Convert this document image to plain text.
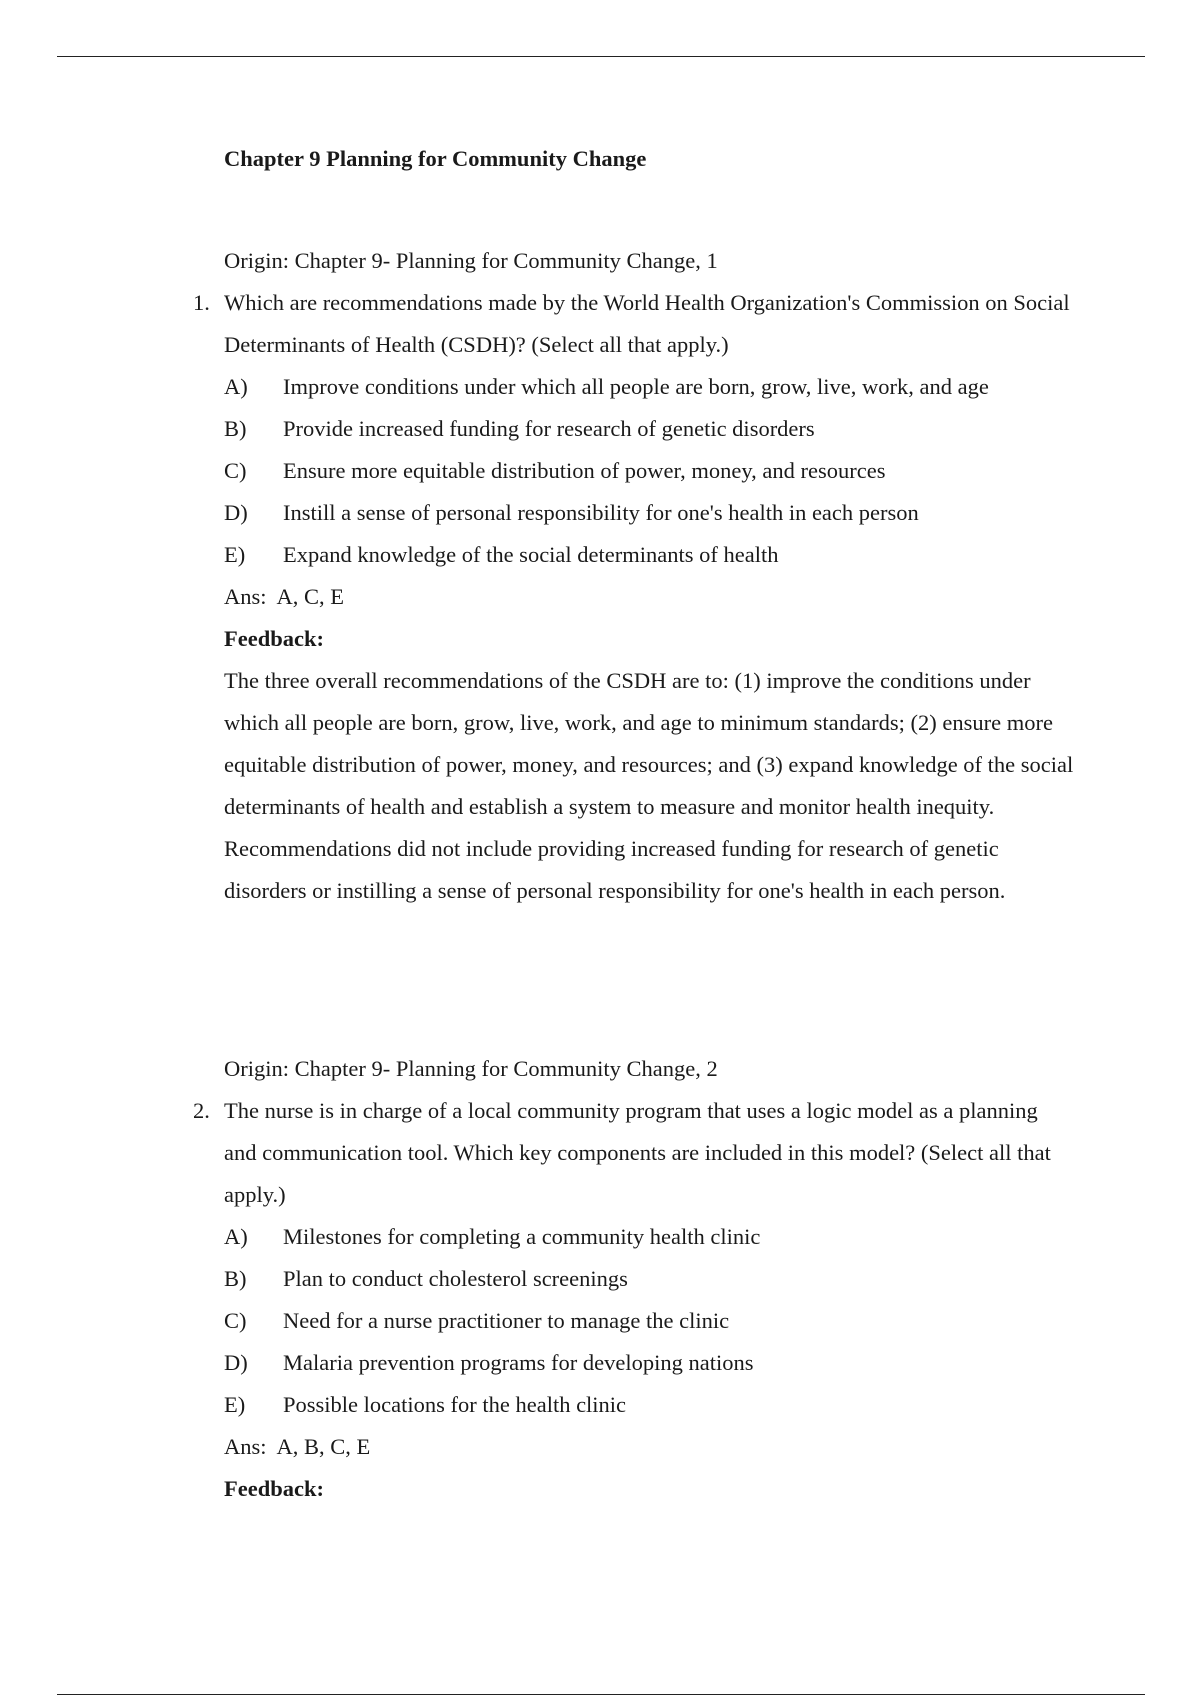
Chapter 9 Planning for Community Change
Origin: Chapter 9- Planning for Community Change, 1
1. Which are recommendations made by the World Health Organization's Commission on Social Determinants of Health (CSDH)? (Select all that apply.)
A) Improve conditions under which all people are born, grow, live, work, and age
B) Provide increased funding for research of genetic disorders
C) Ensure more equitable distribution of power, money, and resources
D) Instill a sense of personal responsibility for one's health in each person
E) Expand knowledge of the social determinants of health
Ans: A, C, E
Feedback:
The three overall recommendations of the CSDH are to: (1) improve the conditions under which all people are born, grow, live, work, and age to minimum standards; (2) ensure more equitable distribution of power, money, and resources; and (3) expand knowledge of the social determinants of health and establish a system to measure and monitor health inequity. Recommendations did not include providing increased funding for research of genetic disorders or instilling a sense of personal responsibility for one's health in each person.
Origin: Chapter 9- Planning for Community Change, 2
2. The nurse is in charge of a local community program that uses a logic model as a planning and communication tool. Which key components are included in this model? (Select all that apply.)
A) Milestones for completing a community health clinic
B) Plan to conduct cholesterol screenings
C) Need for a nurse practitioner to manage the clinic
D) Malaria prevention programs for developing nations
E) Possible locations for the health clinic
Ans: A, B, C, E
Feedback:
